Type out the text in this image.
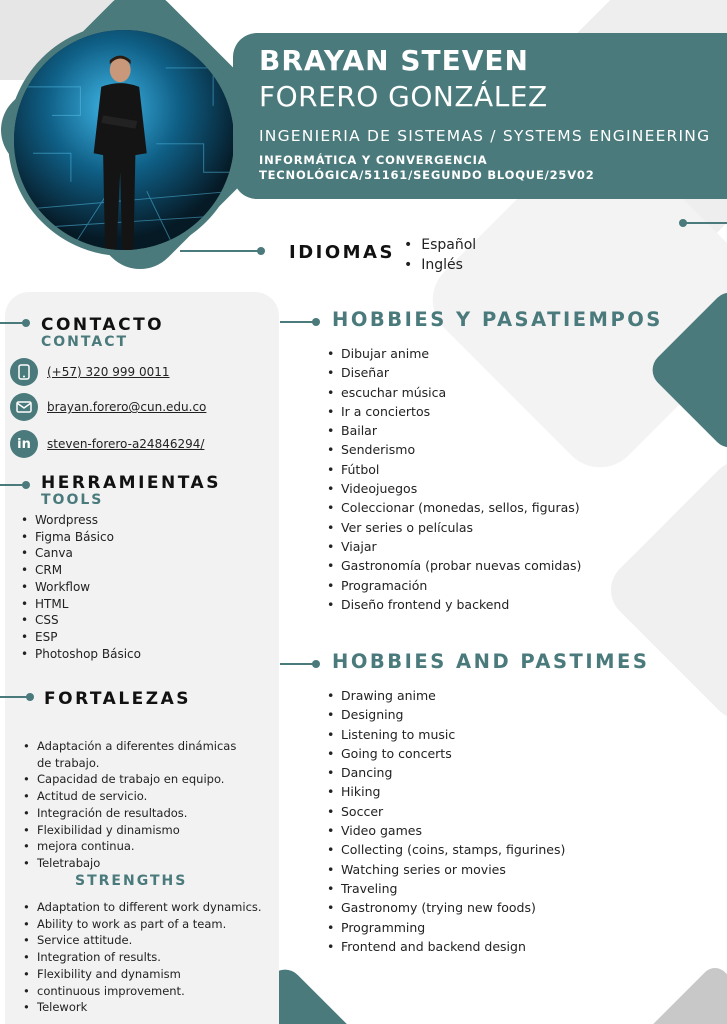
BRAYAN STEVEN
FORERO GONZÁLEZ
INGENIERIA DE SISTEMAS / SYSTEMS ENGINEERING
INFORMÁTICA Y CONVERGENCIA
TECNOLÓGICA/51161/SEGUNDO BLOQUE/25V02
IDIOMAS
•	Español
• Inglés
CONTACTO
CONTACT
(+57) 320 999 0011
brayan.forero@cun.edu.co
in	steven-forero-a24846294/
HERRAMIENTAS
TOOLS
• Wordpress
• Figma Básico
• Canva
• CRM
• Workflow
• HTML
• CSS
• ESP
• Photoshop Básico
FORTALEZAS
• Adaptación a diferentes dinámicas
de trabajo.
• Capacidad de trabajo en equipo.
• Actitud de servicio.
• Integración de resultados.
• Flexibilidad y dinamismo
• mejora continua.
• Teletrabajo
STRENGTHS
• Adaptation to different work dynamics.
• Ability to work as part of a team.
• Service attitude.
• Integration of results.
• Flexibility and dynamism
• continuous improvement.
• Telework
HOBBIES Y PASATIEMPOS
• Dibujar anime
• Diseñar
• escuchar música
• Ir a conciertos
• Bailar
• Senderismo
• Fútbol
• Videojuegos
• Coleccionar (monedas, sellos, figuras)
• Ver series o películas
• Viajar
• Gastronomía (probar nuevas comidas)
• Programación
• Diseño frontend y backend
HOBBIES AND PASTIMES
• Drawing anime
• Designing
• Listening to music
• Going to concerts
• Dancing
• Hiking
• Soccer
• Video games
• Collecting (coins, stamps, figurines)
• Watching series or movies
• Traveling
• Gastronomy (trying new foods)
• Programming
• Frontend and backend design
